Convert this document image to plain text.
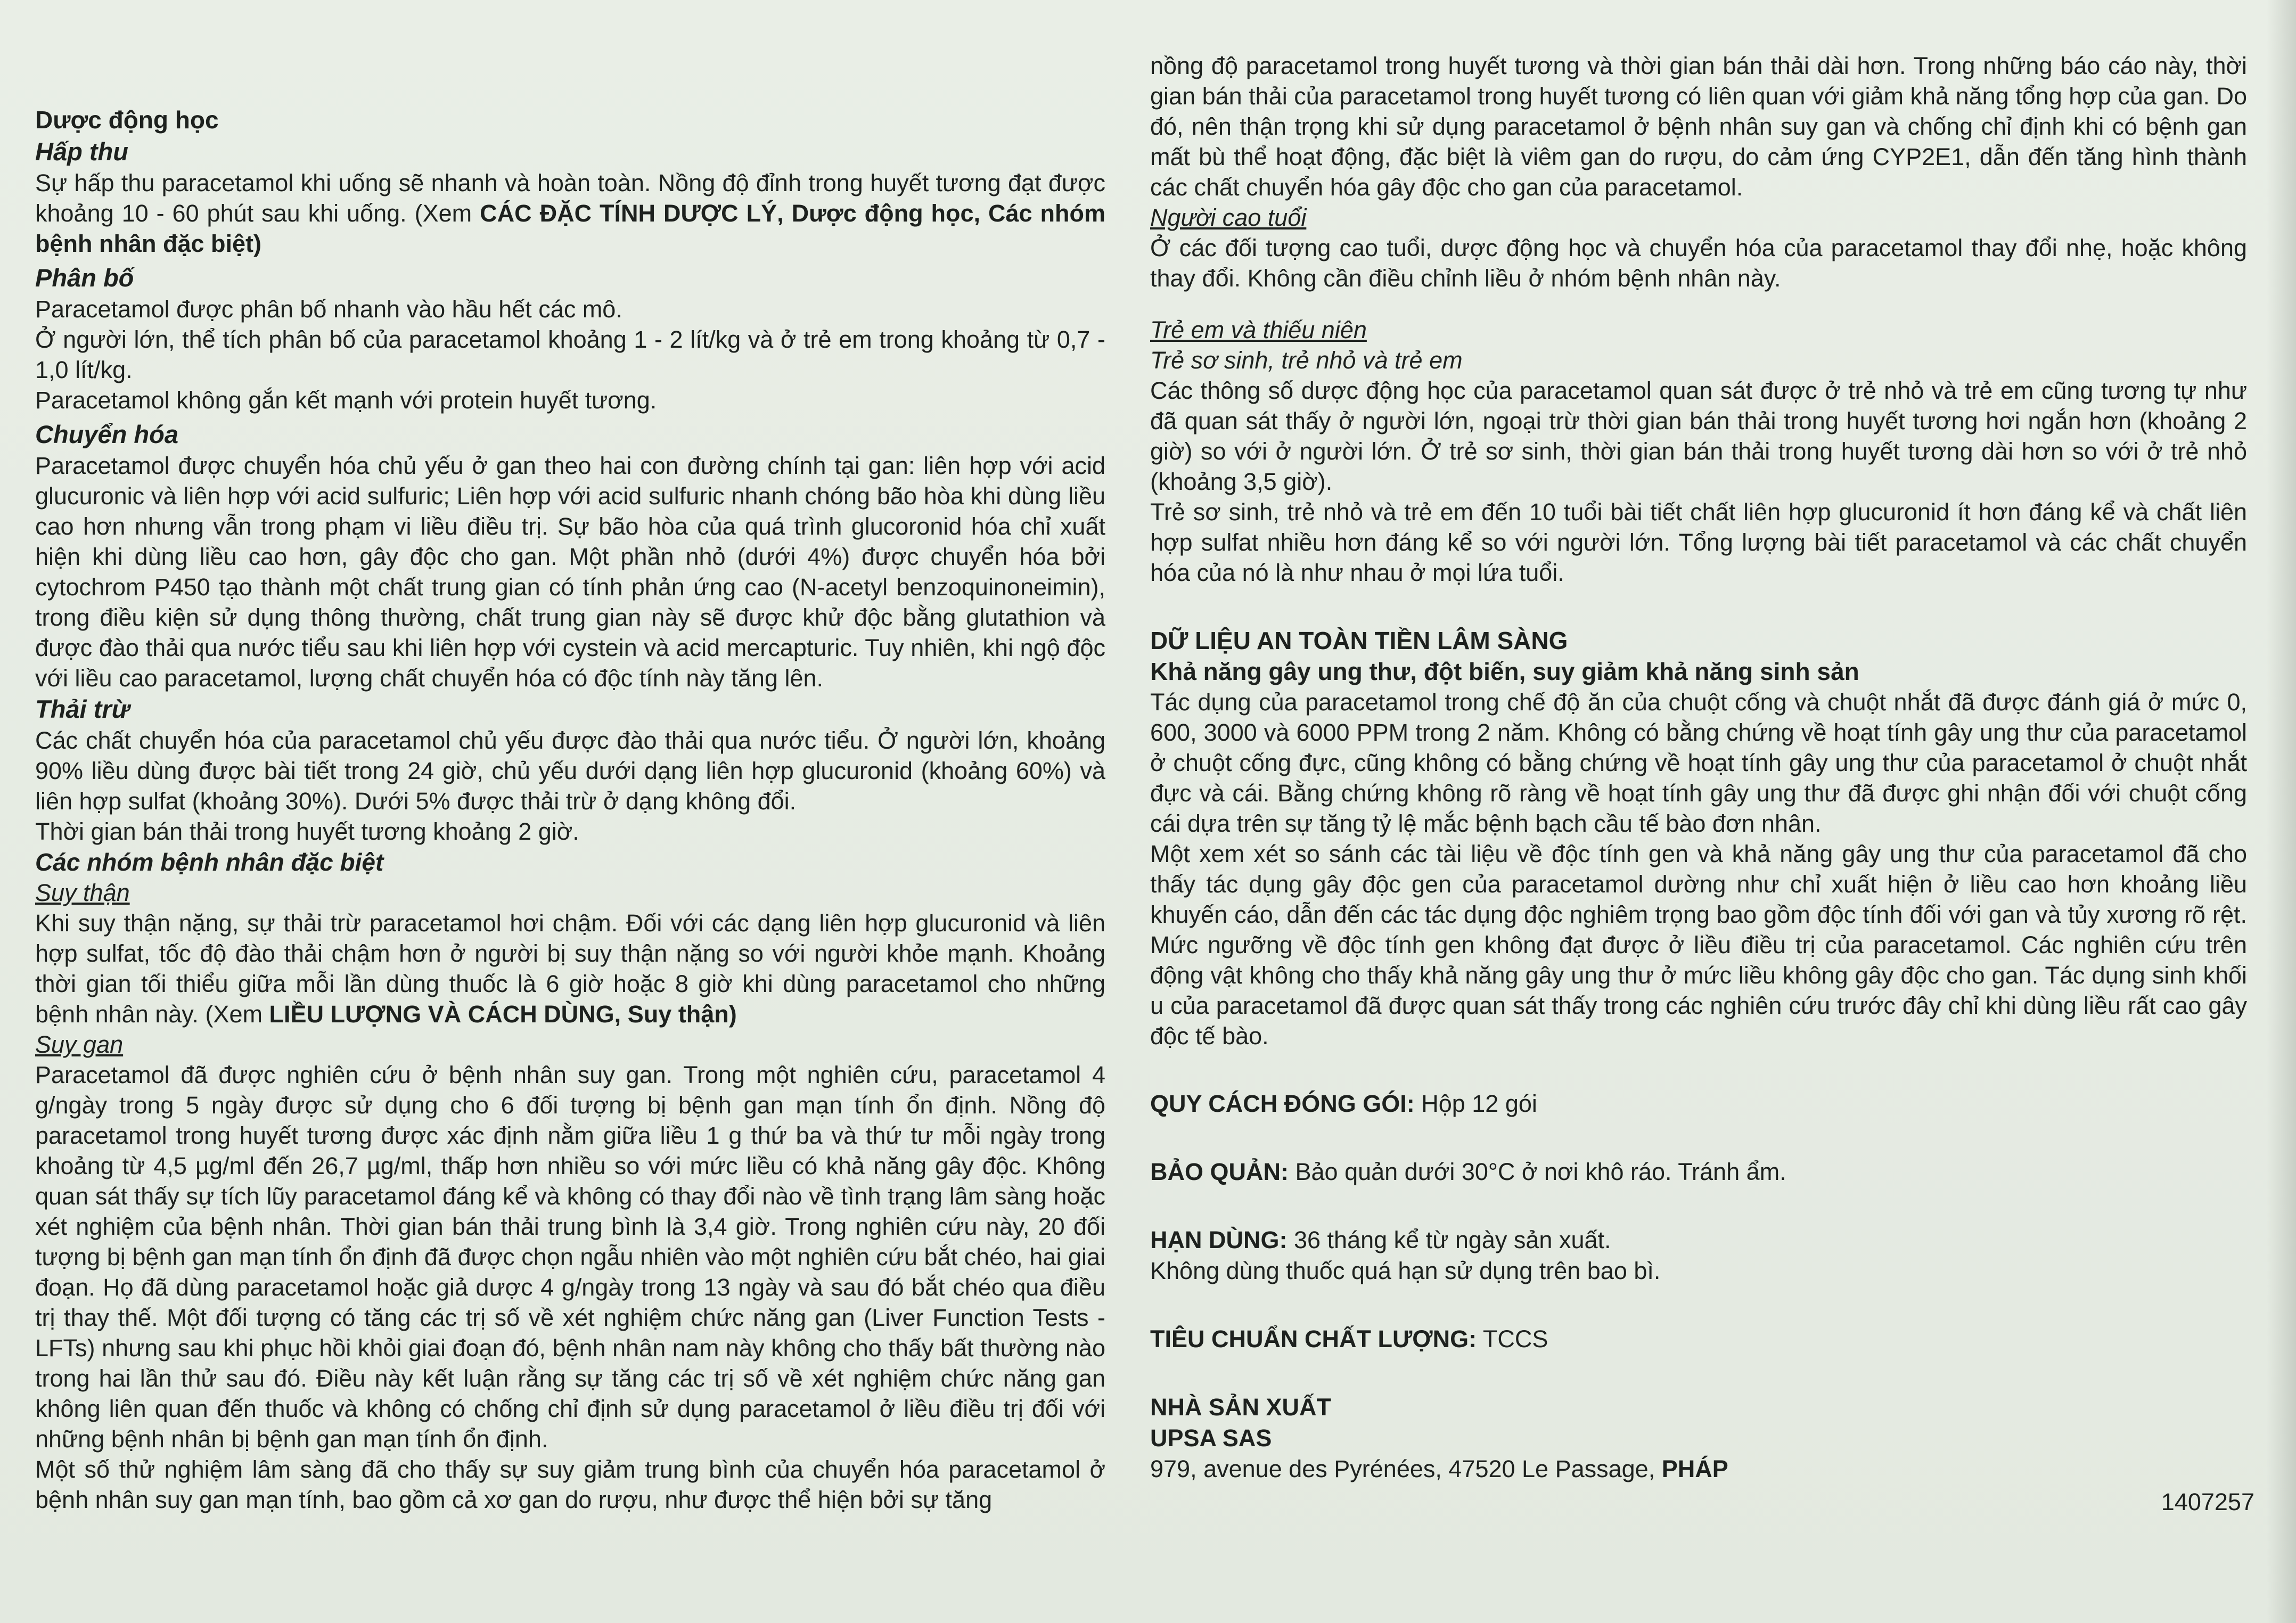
Dược động học
Hấp thu

Sự hấp thu paracetamol khi uống sẽ nhanh và hoàn toàn. Nồng độ đỉnh trong huyết tương đạt được khoảng 10 - 60 phút sau khi uống. (Xem CÁC ĐẶC TÍNH DƯỢC LÝ, Dược động học, Các nhóm bệnh nhân đặc biệt)

Phân bố

Paracetamol được phân bố nhanh vào hầu hết các mô.

Ở người lớn, thể tích phân bố của paracetamol khoảng 1 - 2 lít/kg và ở trẻ em trong khoảng từ 0,7 - 1,0 lít/kg.

Paracetamol không gắn kết mạnh với protein huyết tương.

Chuyển hóa

Paracetamol được chuyển hóa chủ yếu ở gan theo hai con đường chính tại gan: liên hợp với acid glucuronic và liên hợp với acid sulfuric; Liên hợp với acid sulfuric nhanh chóng bão hòa khi dùng liều cao hơn nhưng vẫn trong phạm vi liều điều trị. Sự bão hòa của quá trình glucoronid hóa chỉ xuất hiện khi dùng liều cao hơn, gây độc cho gan. Một phần nhỏ (dưới 4%) được chuyển hóa bởi cytochrom P450 tạo thành một chất trung gian có tính phản ứng cao (N-acetyl benzoquinoneimin), trong điều kiện sử dụng thông thường, chất trung gian này sẽ được khử độc bằng glutathion và được đào thải qua nước tiểu sau khi liên hợp với cystein và acid mercapturic. Tuy nhiên, khi ngộ độc với liều cao paracetamol, lượng chất chuyển hóa có độc tính này tăng lên.

Thải trừ

Các chất chuyển hóa của paracetamol chủ yếu được đào thải qua nước tiểu. Ở người lớn, khoảng 90% liều dùng được bài tiết trong 24 giờ, chủ yếu dưới dạng liên hợp glucuronid (khoảng 60%) và liên hợp sulfat (khoảng 30%). Dưới 5% được thải trừ ở dạng không đổi.

Thời gian bán thải trong huyết tương khoảng 2 giờ.

Các nhóm bệnh nhân đặc biệt
Suy thận

Khi suy thận nặng, sự thải trừ paracetamol hơi chậm. Đối với các dạng liên hợp glucuronid và liên hợp sulfat, tốc độ đào thải chậm hơn ở người bị suy thận nặng so với người khỏe mạnh. Khoảng thời gian tối thiểu giữa mỗi lần dùng thuốc là 6 giờ hoặc 8 giờ khi dùng paracetamol cho những bệnh nhân này. (Xem LIỀU LƯỢNG VÀ CÁCH DÙNG, Suy thận)

Suy gan

Paracetamol đã được nghiên cứu ở bệnh nhân suy gan. Trong một nghiên cứu, paracetamol 4 g/ngày trong 5 ngày được sử dụng cho 6 đối tượng bị bệnh gan mạn tính ổn định. Nồng độ paracetamol trong huyết tương được xác định nằm giữa liều 1 g thứ ba và thứ tư mỗi ngày trong khoảng từ 4,5 µg/ml đến 26,7 µg/ml, thấp hơn nhiều so với mức liều có khả năng gây độc. Không quan sát thấy sự tích lũy paracetamol đáng kể và không có thay đổi nào về tình trạng lâm sàng hoặc xét nghiệm của bệnh nhân. Thời gian bán thải trung bình là 3,4 giờ. Trong nghiên cứu này, 20 đối tượng bị bệnh gan mạn tính ổn định đã được chọn ngẫu nhiên vào một nghiên cứu bắt chéo, hai giai đoạn. Họ đã dùng paracetamol hoặc giả dược 4 g/ngày trong 13 ngày và sau đó bắt chéo qua điều trị thay thế. Một đối tượng có tăng các trị số về xét nghiệm chức năng gan (Liver Function Tests - LFTs) nhưng sau khi phục hồi khỏi giai đoạn đó, bệnh nhân nam này không cho thấy bất thường nào trong hai lần thử sau đó. Điều này kết luận rằng sự tăng các trị số về xét nghiệm chức năng gan không liên quan đến thuốc và không có chống chỉ định sử dụng paracetamol ở liều điều trị đối với những bệnh nhân bị bệnh gan mạn tính ổn định.

Một số thử nghiệm lâm sàng đã cho thấy sự suy giảm trung bình của chuyển hóa paracetamol ở bệnh nhân suy gan mạn tính, bao gồm cả xơ gan do rượu, như được thể hiện bởi sự tăng

nồng độ paracetamol trong huyết tương và thời gian bán thải dài hơn. Trong những báo cáo này, thời gian bán thải của paracetamol trong huyết tương có liên quan với giảm khả năng tổng hợp của gan. Do đó, nên thận trọng khi sử dụng paracetamol ở bệnh nhân suy gan và chống chỉ định khi có bệnh gan mất bù thể hoạt động, đặc biệt là viêm gan do rượu, do cảm ứng CYP2E1, dẫn đến tăng hình thành các chất chuyển hóa gây độc cho gan của paracetamol.

Người cao tuổi

Ở các đối tượng cao tuổi, dược động học và chuyển hóa của paracetamol thay đổi nhẹ, hoặc không thay đổi. Không cần điều chỉnh liều ở nhóm bệnh nhân này.

Trẻ em và thiếu niên
Trẻ sơ sinh, trẻ nhỏ và trẻ em

Các thông số dược động học của paracetamol quan sát được ở trẻ nhỏ và trẻ em cũng tương tự như đã quan sát thấy ở người lớn, ngoại trừ thời gian bán thải trong huyết tương hơi ngắn hơn (khoảng 2 giờ) so với ở người lớn. Ở trẻ sơ sinh, thời gian bán thải trong huyết tương dài hơn so với ở trẻ nhỏ (khoảng 3,5 giờ).

Trẻ sơ sinh, trẻ nhỏ và trẻ em đến 10 tuổi bài tiết chất liên hợp glucuronid ít hơn đáng kể và chất liên hợp sulfat nhiều hơn đáng kể so với người lớn. Tổng lượng bài tiết paracetamol và các chất chuyển hóa của nó là như nhau ở mọi lứa tuổi.

DỮ LIỆU AN TOÀN TIỀN LÂM SÀNG
Khả năng gây ung thư, đột biến, suy giảm khả năng sinh sản

Tác dụng của paracetamol trong chế độ ăn của chuột cống và chuột nhắt đã được đánh giá ở mức 0, 600, 3000 và 6000 PPM trong 2 năm. Không có bằng chứng về hoạt tính gây ung thư của paracetamol ở chuột cống đực, cũng không có bằng chứng về hoạt tính gây ung thư của paracetamol ở chuột nhắt đực và cái. Bằng chứng không rõ ràng về hoạt tính gây ung thư đã được ghi nhận đối với chuột cống cái dựa trên sự tăng tỷ lệ mắc bệnh bạch cầu tế bào đơn nhân.

Một xem xét so sánh các tài liệu về độc tính gen và khả năng gây ung thư của paracetamol đã cho thấy tác dụng gây độc gen của paracetamol dường như chỉ xuất hiện ở liều cao hơn khoảng liều khuyến cáo, dẫn đến các tác dụng độc nghiêm trọng bao gồm độc tính đối với gan và tủy xương rõ rệt. Mức ngưỡng về độc tính gen không đạt được ở liều điều trị của paracetamol. Các nghiên cứu trên động vật không cho thấy khả năng gây ung thư ở mức liều không gây độc cho gan. Tác dụng sinh khối u của paracetamol đã được quan sát thấy trong các nghiên cứu trước đây chỉ khi dùng liều rất cao gây độc tế bào.

QUY CÁCH ĐÓNG GÓI: Hộp 12 gói

BẢO QUẢN: Bảo quản dưới 30°C ở nơi khô ráo. Tránh ẩm.

HẠN DÙNG: 36 tháng kể từ ngày sản xuất.

Không dùng thuốc quá hạn sử dụng trên bao bì.

TIÊU CHUẨN CHẤT LƯỢNG: TCCS

NHÀ SẢN XUẤT

UPSA SAS

979, avenue des Pyrénées, 47520 Le Passage, PHÁP

1407257
